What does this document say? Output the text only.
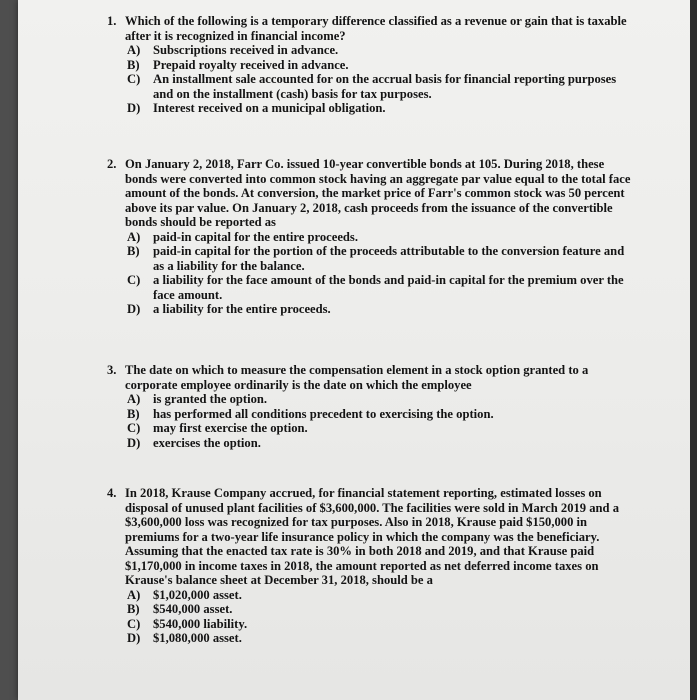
1. Which of the following is a temporary difference classified as a revenue or gain that is taxable after it is recognized in financial income?
A) Subscriptions received in advance.
B) Prepaid royalty received in advance.
C) An installment sale accounted for on the accrual basis for financial reporting purposes and on the installment (cash) basis for tax purposes.
D) Interest received on a municipal obligation.
2. On January 2, 2018, Farr Co. issued 10-year convertible bonds at 105. During 2018, these bonds were converted into common stock having an aggregate par value equal to the total face amount of the bonds. At conversion, the market price of Farr's common stock was 50 percent above its par value. On January 2, 2018, cash proceeds from the issuance of the convertible bonds should be reported as
A) paid-in capital for the entire proceeds.
B) paid-in capital for the portion of the proceeds attributable to the conversion feature and as a liability for the balance.
C) a liability for the face amount of the bonds and paid-in capital for the premium over the face amount.
D) a liability for the entire proceeds.
3. The date on which to measure the compensation element in a stock option granted to a corporate employee ordinarily is the date on which the employee
A) is granted the option.
B) has performed all conditions precedent to exercising the option.
C) may first exercise the option.
D) exercises the option.
4. In 2018, Krause Company accrued, for financial statement reporting, estimated losses on disposal of unused plant facilities of $3,600,000. The facilities were sold in March 2019 and a $3,600,000 loss was recognized for tax purposes. Also in 2018, Krause paid $150,000 in premiums for a two-year life insurance policy in which the company was the beneficiary. Assuming that the enacted tax rate is 30% in both 2018 and 2019, and that Krause paid $1,170,000 in income taxes in 2018, the amount reported as net deferred income taxes on Krause's balance sheet at December 31, 2018, should be a
A) $1,020,000 asset.
B) $540,000 asset.
C) $540,000 liability.
D) $1,080,000 asset.
